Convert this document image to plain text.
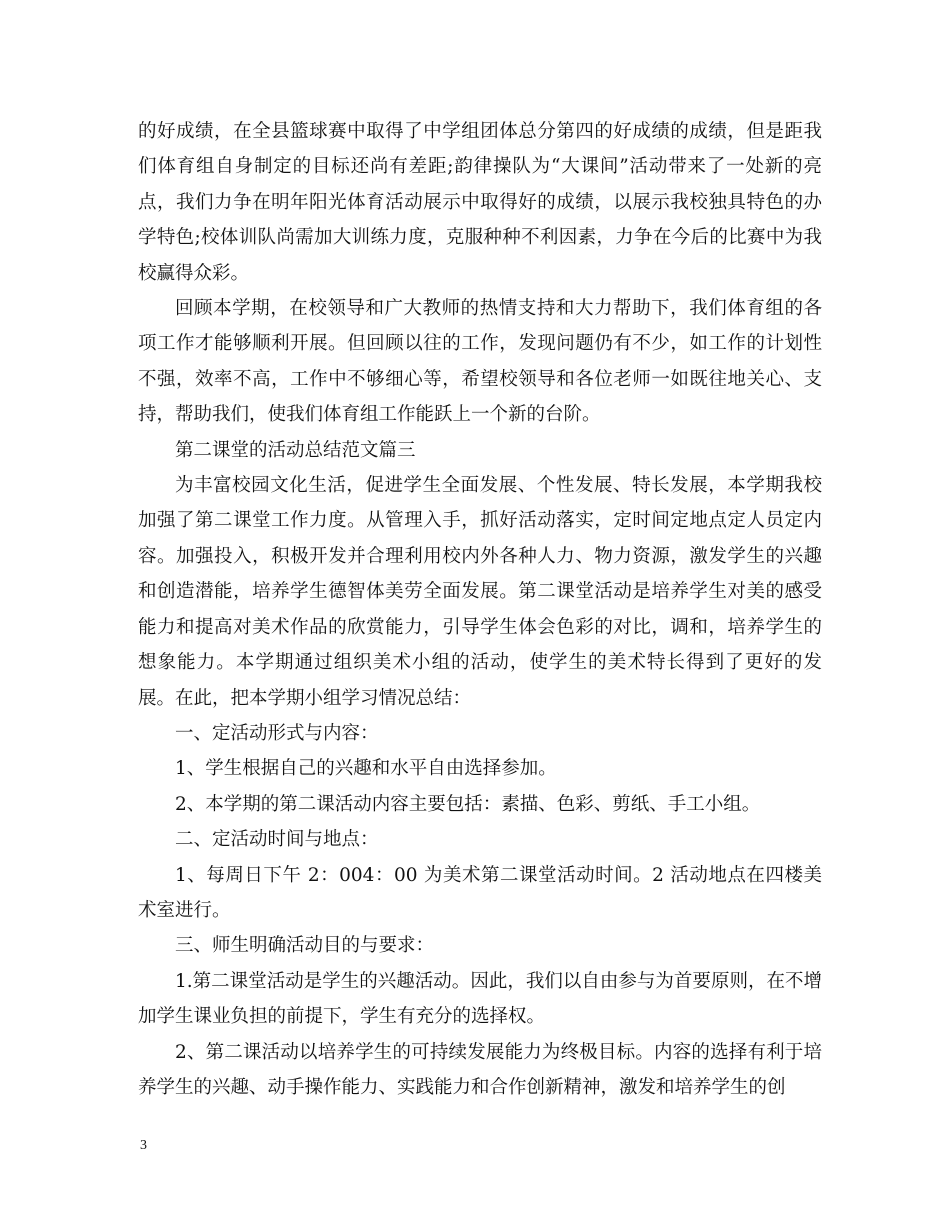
的好成绩，在全县篮球赛中取得了中学组团体总分第四的好成绩的成绩，但是距我们体育组自身制定的目标还尚有差距;韵律操队为“大课间”活动带来了一处新的亮点，我们力争在明年阳光体育活动展示中取得好的成绩，以展示我校独具特色的办学特色;校体训队尚需加大训练力度，克服种种不利因素，力争在今后的比赛中为我校赢得众彩。

回顾本学期，在校领导和广大教师的热情支持和大力帮助下，我们体育组的各项工作才能够顺利开展。但回顾以往的工作，发现问题仍有不少，如工作的计划性不强，效率不高，工作中不够细心等，希望校领导和各位老师一如既往地关心、支持，帮助我们，使我们体育组工作能跃上一个新的台阶。

第二课堂的活动总结范文篇三

为丰富校园文化生活，促进学生全面发展、个性发展、特长发展，本学期我校加强了第二课堂工作力度。从管理入手，抓好活动落实，定时间定地点定人员定内容。加强投入，积极开发并合理利用校内外各种人力、物力资源，激发学生的兴趣和创造潜能，培养学生德智体美劳全面发展。第二课堂活动是培养学生对美的感受能力和提高对美术作品的欣赏能力，引导学生体会色彩的对比，调和，培养学生的想象能力。本学期通过组织美术小组的活动，使学生的美术特长得到了更好的发展。在此，把本学期小组学习情况总结：

一、定活动形式与内容：

1、学生根据自己的兴趣和水平自由选择参加。

2、本学期的第二课活动内容主要包括：素描、色彩、剪纸、手工小组。

二、定活动时间与地点：

1、每周日下午 2：004：00 为美术第二课堂活动时间。2 活动地点在四楼美术室进行。

三、师生明确活动目的与要求：

1.第二课堂活动是学生的兴趣活动。因此，我们以自由参与为首要原则，在不增加学生课业负担的前提下，学生有充分的选择权。

2、第二课活动以培养学生的可持续发展能力为终极目标。内容的选择有利于培养学生的兴趣、动手操作能力、实践能力和合作创新精神，激发和培养学生的创

3
